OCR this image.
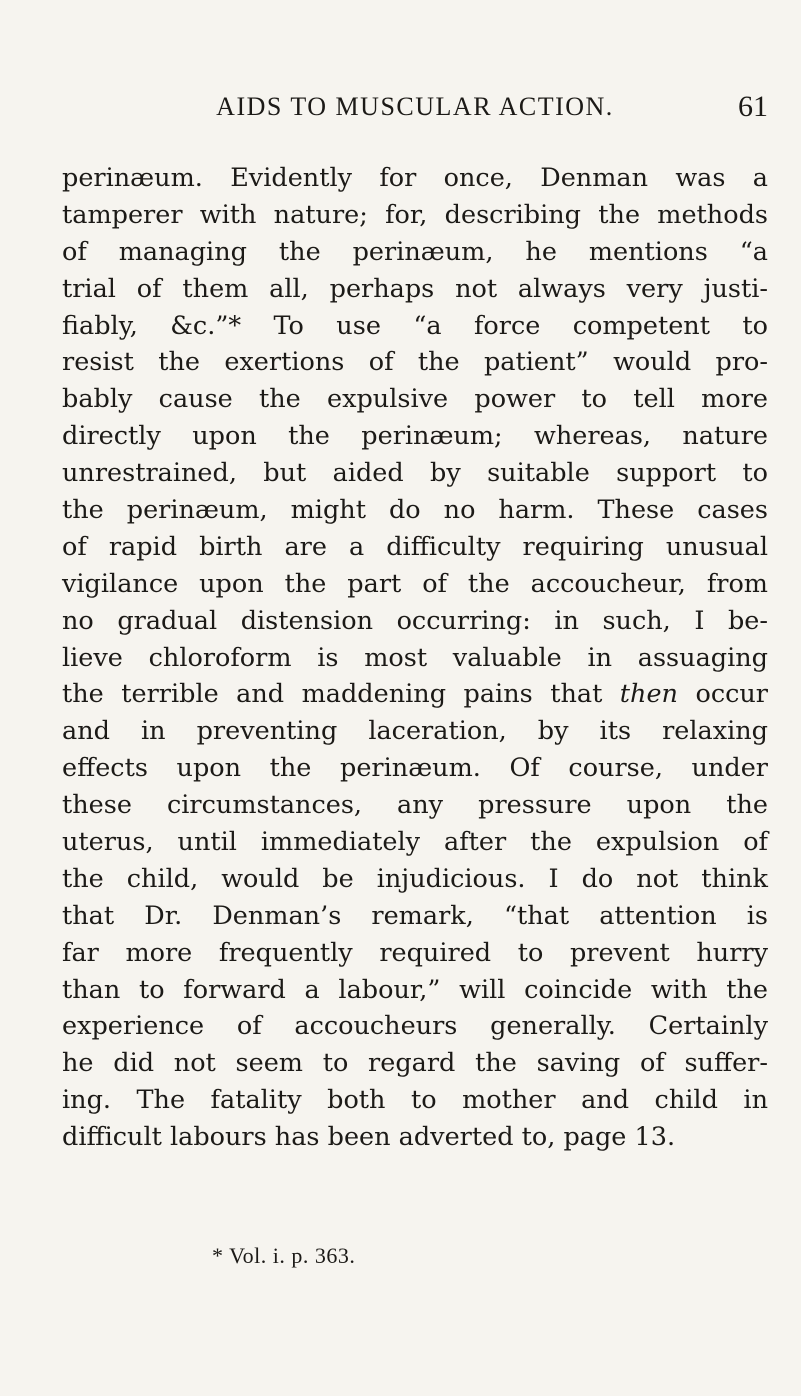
AIDS TO MUSCULAR ACTION.	61
perinæum. Evidently for once, Denman was a
tamperer with nature; for, describing the methods
of managing the perinæum, he mentions “a
trial of them all, perhaps not always very justi-
fiably, &c.”* To use “a force competent to
resist the exertions of the patient” would pro-
bably cause the expulsive power to tell more
directly upon the perinæum; whereas, nature
unrestrained, but aided by suitable support to
the perinæum, might do no harm. These cases
of rapid birth are a difficulty requiring unusual
vigilance upon the part of the accoucheur, from
no gradual distension occurring: in such, I be-
lieve chloroform is most valuable in assuaging
the terrible and maddening pains that then occur
and in preventing laceration, by its relaxing
effects upon the perinæum. Of course, under
these circumstances, any pressure upon the
uterus, until immediately after the expulsion of
the child, would be injudicious. I do not think
that Dr. Denman’s remark, “that attention is
far more frequently required to prevent hurry
than to forward a labour,” will coincide with the
experience of accoucheurs generally. Certainly
he did not seem to regard the saving of suffer-
ing. The fatality both to mother and child in
difficult labours has been adverted to, page 13.
* Vol. i. p. 363.
